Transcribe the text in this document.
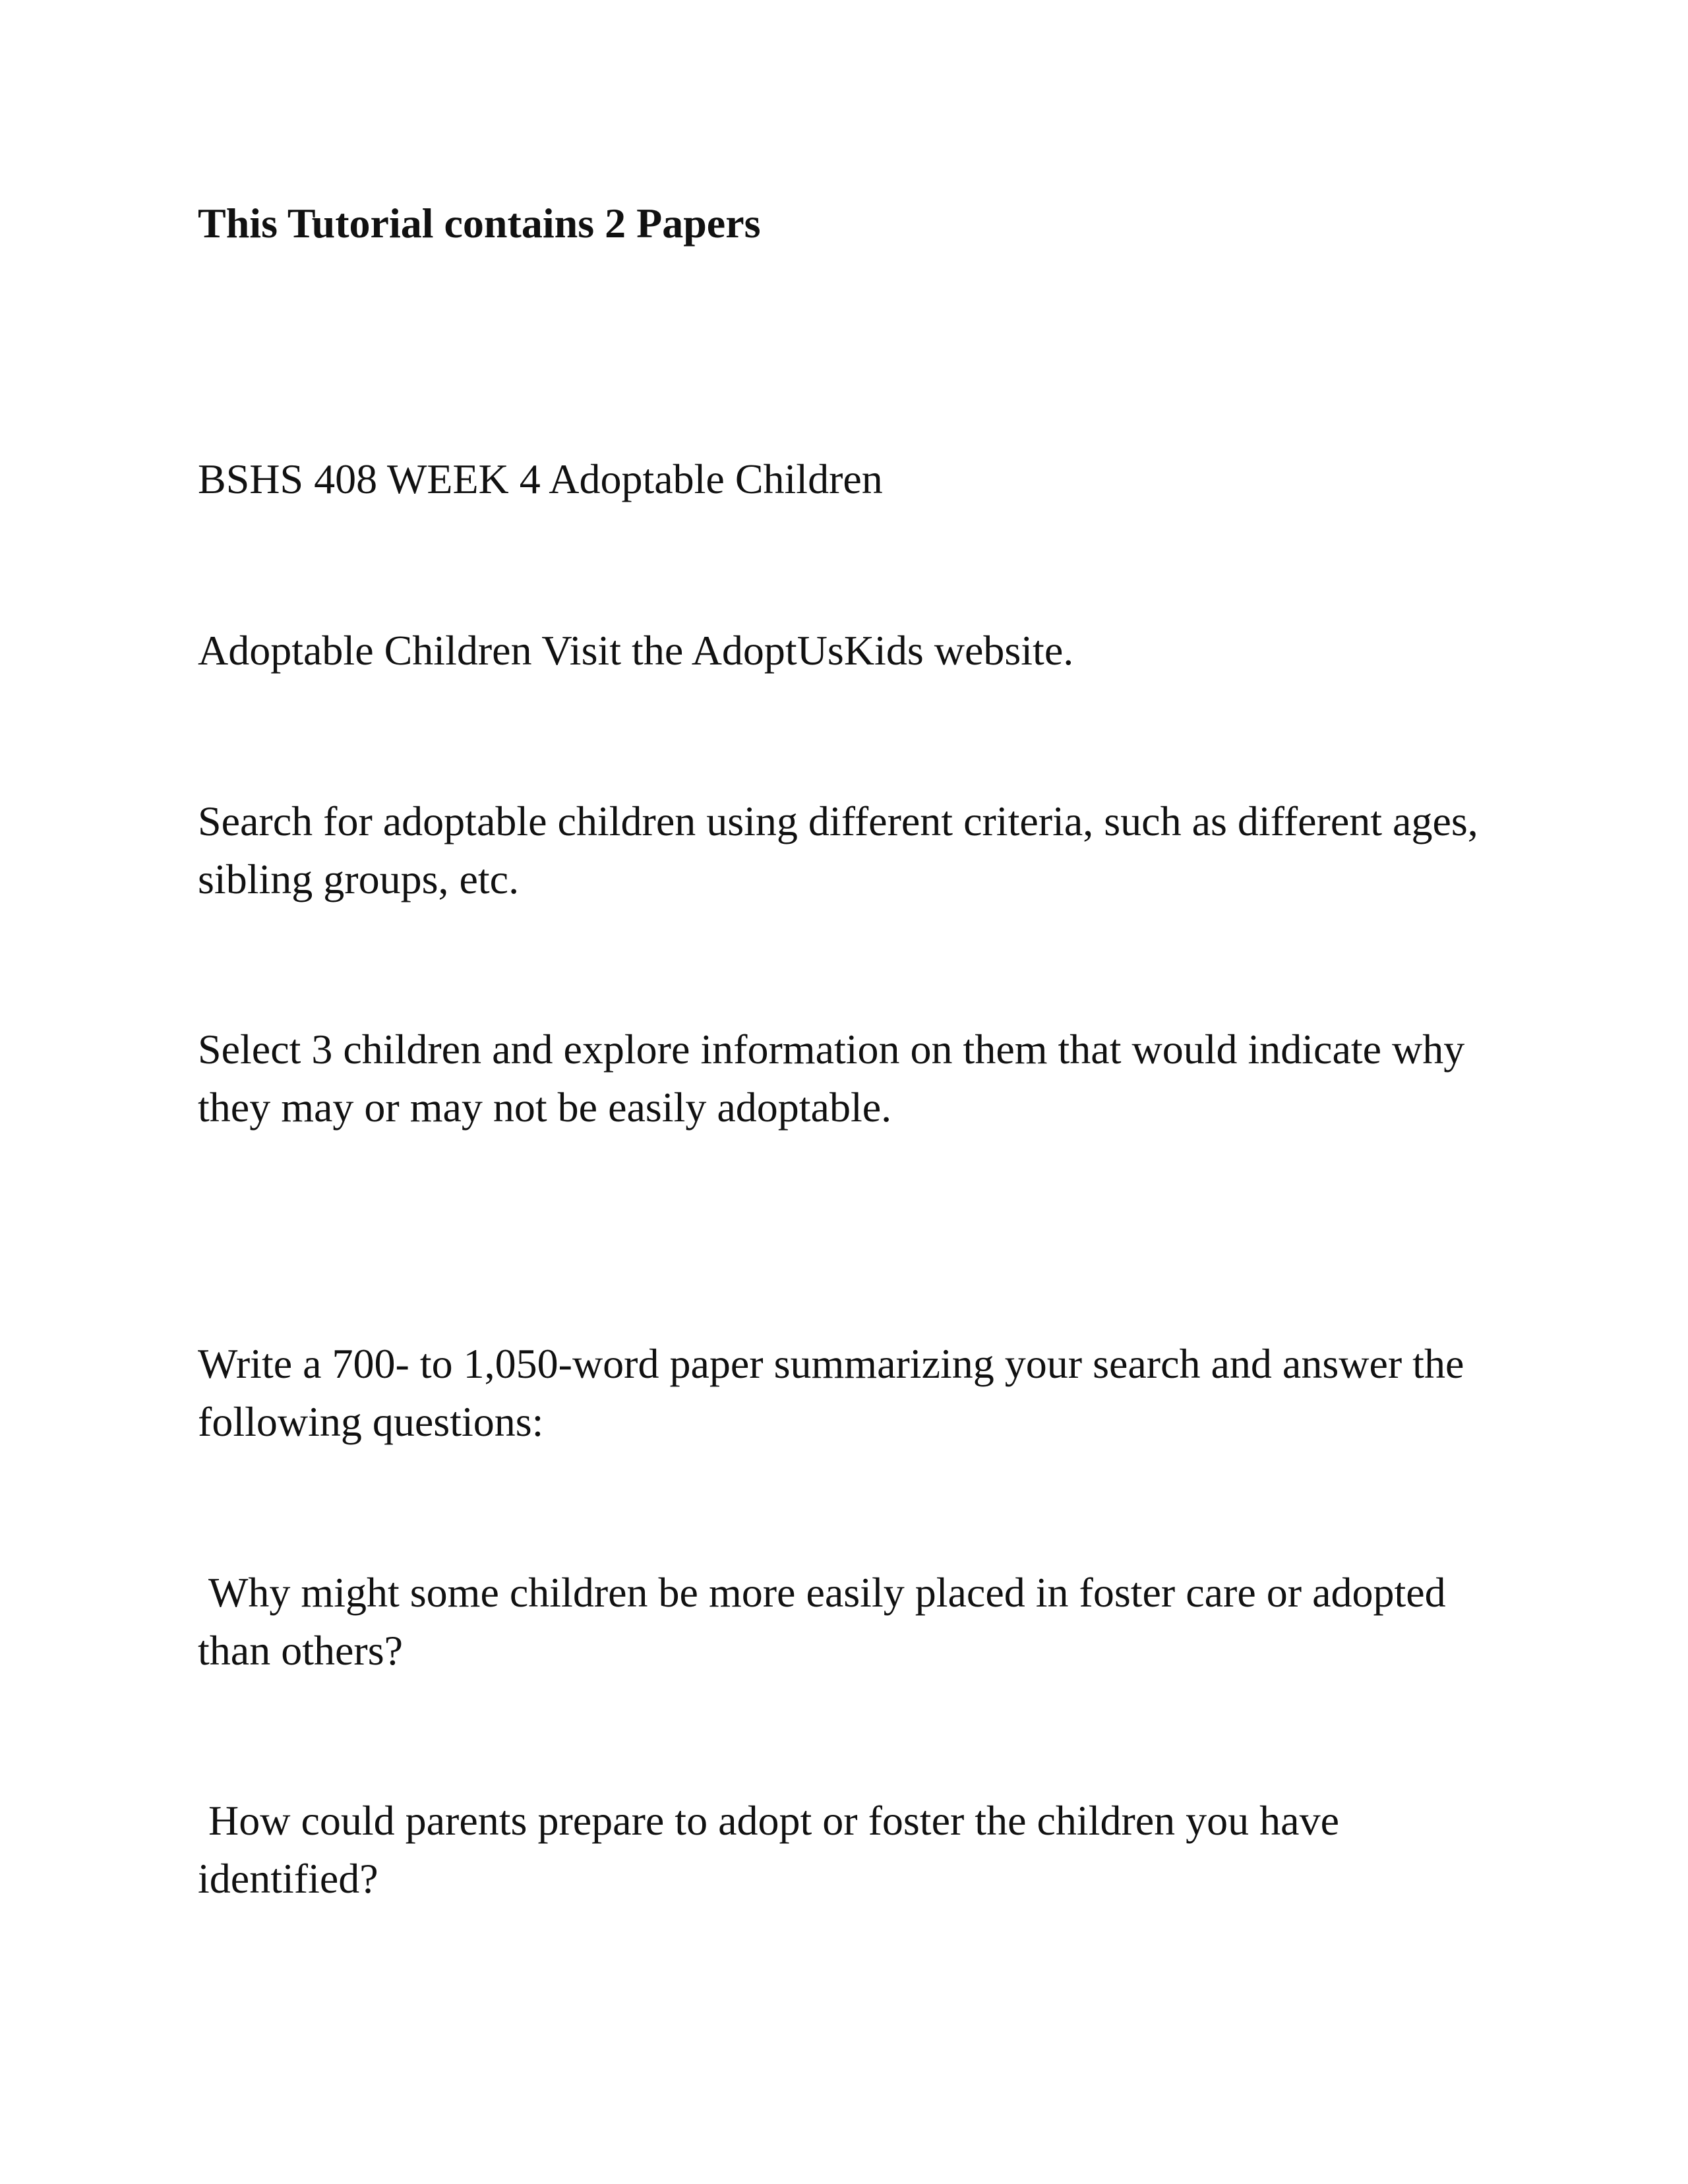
This Tutorial contains 2 Papers

BSHS 408 WEEK 4 Adoptable Children

Adoptable Children Visit the AdoptUsKids website.

Search for adoptable children using different criteria, such as different ages, sibling groups, etc.

Select 3 children and explore information on them that would indicate why they may or may not be easily adoptable.

Write a 700- to 1,050-word paper summarizing your search and answer the following questions:

Why might some children be more easily placed in foster care or adopted than others?

How could parents prepare to adopt or foster the children you have identified?
